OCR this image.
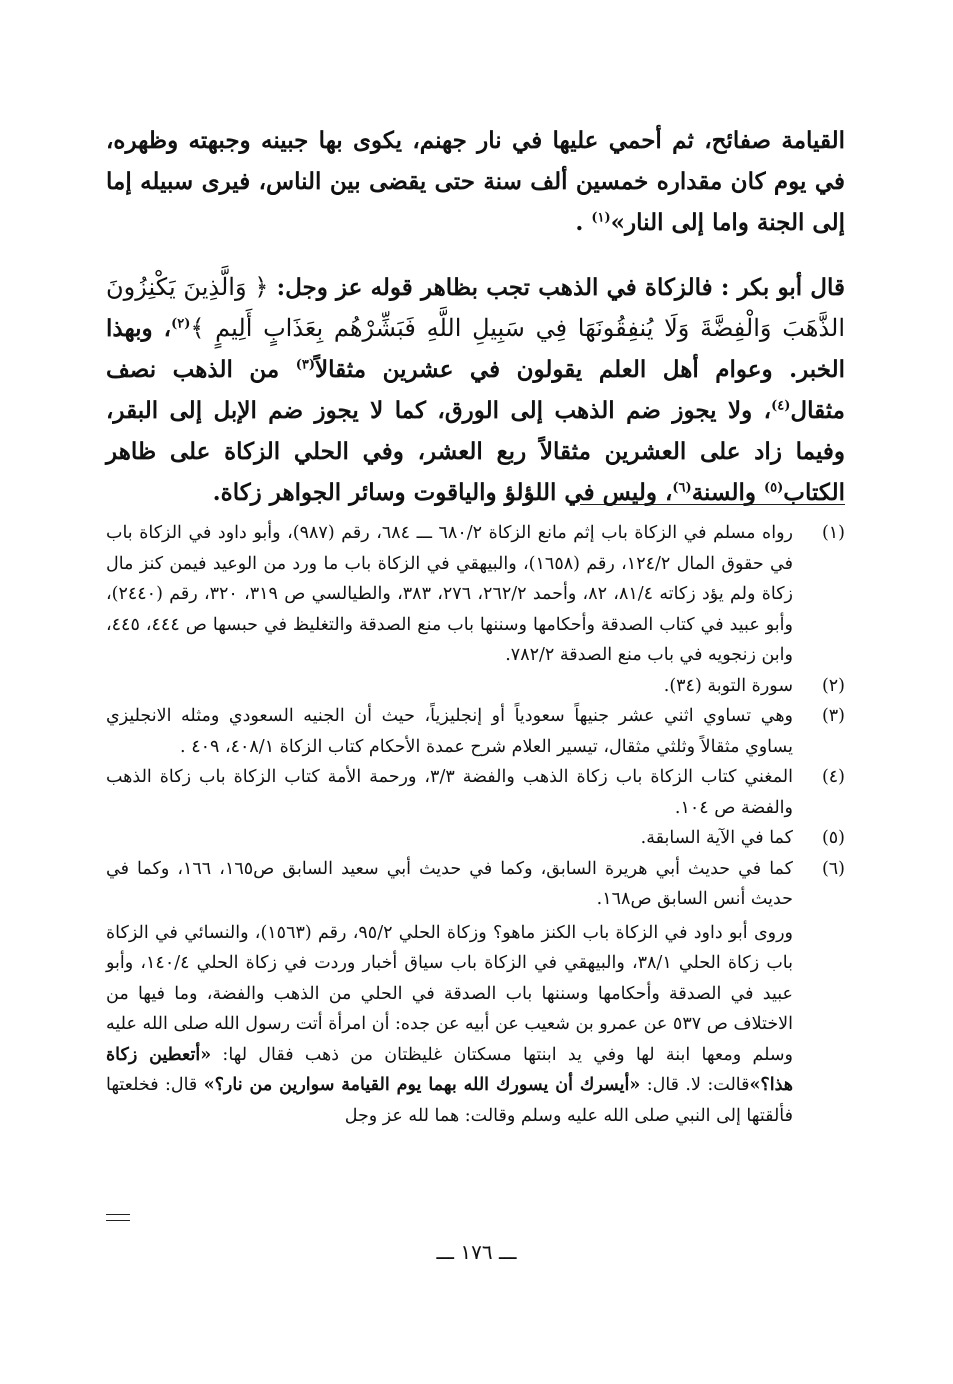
القيامة صفائح، ثم أحمي عليها في نار جهنم، يكوى بها جبينه وجبهته وظهره، في يوم كان مقداره خمسين ألف سنة حتى يقضى بين الناس، فيرى سبيله إما إلى الجنة واما إلى النار»$^{(١)}$ .

قال أبو بكر : فالزكاة في الذهب تجب بظاهر قوله عز وجل: ﴿ وَالَّذِينَ يَكْنِزُونَ الذَّهَبَ وَالْفِضَّةَ وَلَا يُنفِقُونَهَا فِي سَبِيلِ اللَّهِ فَبَشِّرْهُم بِعَذَابٍ أَلِيمٍ ﴾$^{(٢)}$، وبهذا الخبر. وعوام أهل العلم يقولون في عشرين مثقالاً$^{(٣)}$ من الذهب نصف مثقال$^{(٤)}$، ولا يجوز ضم الذهب إلى الورق، كما لا يجوز ضم الإبل إلى البقر، وفيما زاد على العشرين مثقالاً ربع العشر، وفي الحلي الزكاة على ظاهر الكتاب$^{(٥)}$ والسنة$^{(٦)}$، وليس في اللؤلؤ والياقوت وسائر الجواهر زكاة.

(١)
رواه مسلم في الزكاة باب إثم مانع الزكاة ٦٨٠/٢ ـــ ٦٨٤، رقم (٩٨٧)، وأبو داود في الزكاة باب في حقوق المال ١٢٤/٢، رقم (١٦٥٨)، والبيهقي في الزكاة باب ما ورد من الوعيد فيمن كنز مال زكاة ولم يؤد زكاته ٨١/٤، ٨٢، وأحمد ٢٦٢/٢، ٢٧٦، ٣٨٣، والطيالسي ص ٣١٩، ٣٢٠، رقم (٢٤٤٠)، وأبو عبيد في كتاب الصدقة وأحكامها وسننها باب منع الصدقة والتغليظ في حبسها ص ٤٤٤، ٤٤٥، وابن زنجويه في باب منع الصدقة ٧٨٢/٢.
(٢)
سورة التوبة (٣٤).
(٣)
وهي تساوي اثني عشر جنيهاً سعودياً أو إنجليزياً، حيث أن الجنيه السعودي ومثله الانجليزي يساوي مثقالاً وثلثي مثقال، تيسير العلام شرح عمدة الأحكام كتاب الزكاة ٤٠٨/١، ٤٠٩ .
(٤)
المغني كتاب الزكاة باب زكاة الذهب والفضة ٣/٣، ورحمة الأمة كتاب الزكاة باب زكاة الذهب والفضة ص ١٠٤.
(٥)
كما في الآية السابقة.
(٦)
كما في حديث أبي هريرة السابق، وكما في حديث أبي سعيد السابق ص١٦٥، ١٦٦، وكما في حديث أنس السابق ص١٦٨.

وروى أبو داود في الزكاة باب الكنز ماهو؟ وزكاة الحلي ٩٥/٢، رقم (١٥٦٣)، والنسائي في الزكاة باب زكاة الحلي ٣٨/١، والبيهقي في الزكاة باب سياق أخبار وردت في زكاة الحلي ١٤٠/٤، وأبو عبيد في الصدقة وأحكامها وسننها باب الصدقة في الحلي من الذهب والفضة، وما فيها من الاختلاف ص ٥٣٧ عن عمرو بن شعيب عن أبيه عن جده: أن امرأة أتت رسول الله صلى الله عليه وسلم ومعها ابنة لها وفي يد ابنتها مسكتان غليظتان من ذهب فقال لها: «أتعطين زكاة هذا؟»قالت: لا. قال: «أيسرك أن يسورك الله بهما يوم القيامة سوارين من نار؟» قال: فخلعتها فألقتها إلى النبي صلى الله عليه وسلم وقالت: هما لله عز وجل

ـــ ١٧٦ ـــ
